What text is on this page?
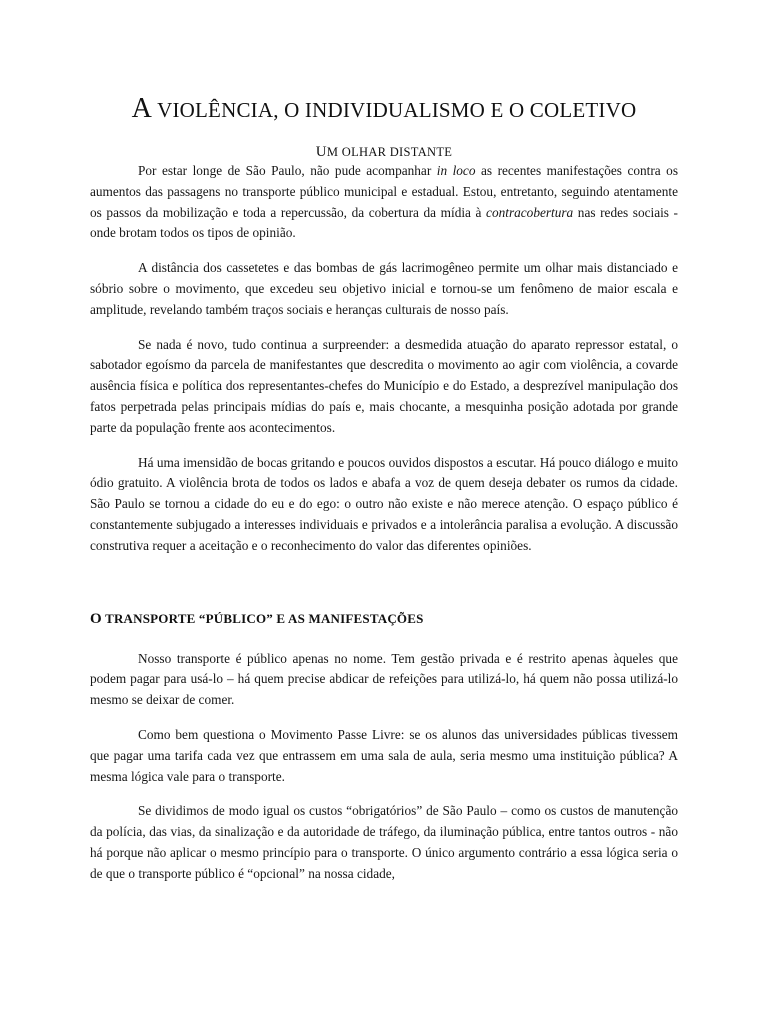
A VIOLÊNCIA, O INDIVIDUALISMO E O COLETIVO
UM OLHAR DISTANTE

Por estar longe de São Paulo, não pude acompanhar in loco as recentes manifestações contra os aumentos das passagens no transporte público municipal e estadual. Estou, entretanto, seguindo atentamente os passos da mobilização e toda a repercussão, da cobertura da mídia à contracobertura nas redes sociais - onde brotam todos os tipos de opinião.

A distância dos cassetetes e das bombas de gás lacrimogêneo permite um olhar mais distanciado e sóbrio sobre o movimento, que excedeu seu objetivo inicial e tornou-se um fenômeno de maior escala e amplitude, revelando também traços sociais e heranças culturais de nosso país.

Se nada é novo, tudo continua a surpreender: a desmedida atuação do aparato repressor estatal, o sabotador egoísmo da parcela de manifestantes que descredita o movimento ao agir com violência, a covarde ausência física e política dos representantes-chefes do Município e do Estado, a desprezível manipulação dos fatos perpetrada pelas principais mídias do país e, mais chocante, a mesquinha posição adotada por grande parte da população frente aos acontecimentos.

Há uma imensidão de bocas gritando e poucos ouvidos dispostos a escutar. Há pouco diálogo e muito ódio gratuito. A violência brota de todos os lados e abafa a voz de quem deseja debater os rumos da cidade. São Paulo se tornou a cidade do eu e do ego: o outro não existe e não merece atenção. O espaço público é constantemente subjugado a interesses individuais e privados e a intolerância paralisa a evolução. A discussão construtiva requer a aceitação e o reconhecimento do valor das diferentes opiniões.

O TRANSPORTE “PÚBLICO” E AS MANIFESTAÇÕES

Nosso transporte é público apenas no nome. Tem gestão privada e é restrito apenas àqueles que podem pagar para usá-lo – há quem precise abdicar de refeições para utilizá-lo, há quem não possa utilizá-lo mesmo se deixar de comer.

Como bem questiona o Movimento Passe Livre: se os alunos das universidades públicas tivessem que pagar uma tarifa cada vez que entrassem em uma sala de aula, seria mesmo uma instituição pública? A mesma lógica vale para o transporte.

Se dividimos de modo igual os custos “obrigatórios” de São Paulo – como os custos de manutenção da polícia, das vias, da sinalização e da autoridade de tráfego, da iluminação pública, entre tantos outros - não há porque não aplicar o mesmo princípio para o transporte. O único argumento contrário a essa lógica seria o de que o transporte público é “opcional” na nossa cidade,
